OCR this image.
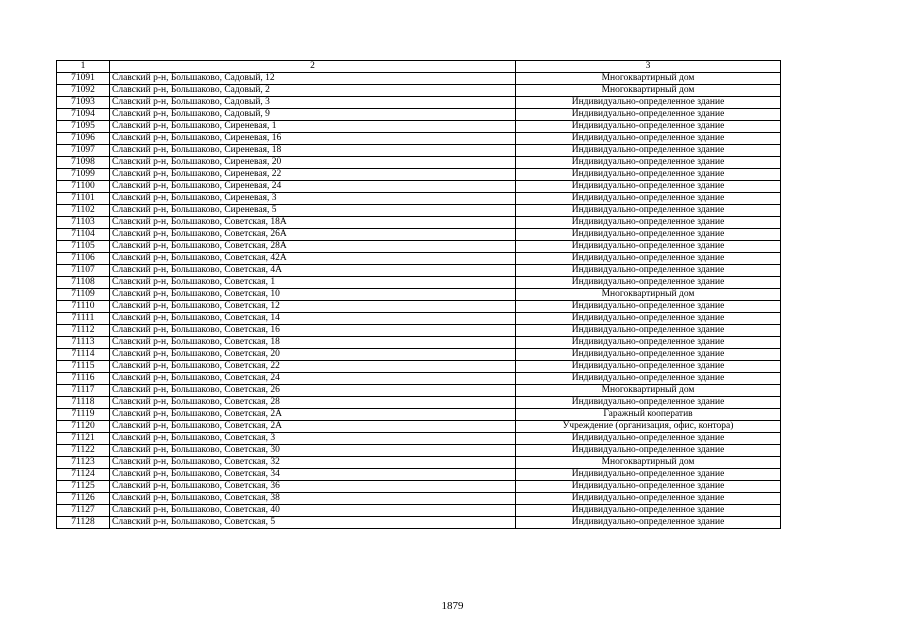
1	2	3
71091	Славский р-н, Большаково, Садовый, 12	Многоквартирный дом
71092	Славский р-н, Большаково, Садовый, 2	Многоквартирный дом
71093	Славский р-н, Большаково, Садовый, 3	Индивидуально-определенное здание
71094	Славский р-н, Большаково, Садовый, 9	Индивидуально-определенное здание
71095	Славский р-н, Большаково, Сиреневая, 1	Индивидуально-определенное здание
71096	Славский р-н, Большаково, Сиреневая, 16	Индивидуально-определенное здание
71097	Славский р-н, Большаково, Сиреневая, 18	Индивидуально-определенное здание
71098	Славский р-н, Большаково, Сиреневая, 20	Индивидуально-определенное здание
71099	Славский р-н, Большаково, Сиреневая, 22	Индивидуально-определенное здание
71100	Славский р-н, Большаково, Сиреневая, 24	Индивидуально-определенное здание
71101	Славский р-н, Большаково, Сиреневая, 3	Индивидуально-определенное здание
71102	Славский р-н, Большаково, Сиреневая, 5	Индивидуально-определенное здание
71103	Славский р-н, Большаково, Советская, 18А	Индивидуально-определенное здание
71104	Славский р-н, Большаково, Советская, 26А	Индивидуально-определенное здание
71105	Славский р-н, Большаково, Советская, 28А	Индивидуально-определенное здание
71106	Славский р-н, Большаково, Советская, 42А	Индивидуально-определенное здание
71107	Славский р-н, Большаково, Советская, 4А	Индивидуально-определенное здание
71108	Славский р-н, Большаково, Советская, 1	Индивидуально-определенное здание
71109	Славский р-н, Большаково, Советская, 10	Многоквартирный дом
71110	Славский р-н, Большаково, Советская, 12	Индивидуально-определенное здание
71111	Славский р-н, Большаково, Советская, 14	Индивидуально-определенное здание
71112	Славский р-н, Большаково, Советская, 16	Индивидуально-определенное здание
71113	Славский р-н, Большаково, Советская, 18	Индивидуально-определенное здание
71114	Славский р-н, Большаково, Советская, 20	Индивидуально-определенное здание
71115	Славский р-н, Большаково, Советская, 22	Индивидуально-определенное здание
71116	Славский р-н, Большаково, Советская, 24	Индивидуально-определенное здание
71117	Славский р-н, Большаково, Советская, 26	Многоквартирный дом
71118	Славский р-н, Большаково, Советская, 28	Индивидуально-определенное здание
71119	Славский р-н, Большаково, Советская, 2А	Гаражный кооператив
71120	Славский р-н, Большаково, Советская, 2А	Учреждение (организация, офис, контора)
71121	Славский р-н, Большаково, Советская, 3	Индивидуально-определенное здание
71122	Славский р-н, Большаково, Советская, 30	Индивидуально-определенное здание
71123	Славский р-н, Большаково, Советская, 32	Многоквартирный дом
71124	Славский р-н, Большаково, Советская, 34	Индивидуально-определенное здание
71125	Славский р-н, Большаково, Советская, 36	Индивидуально-определенное здание
71126	Славский р-н, Большаково, Советская, 38	Индивидуально-определенное здание
71127	Славский р-н, Большаково, Советская, 40	Индивидуально-определенное здание
71128	Славский р-н, Большаково, Советская, 5	Индивидуально-определенное здание
1879
